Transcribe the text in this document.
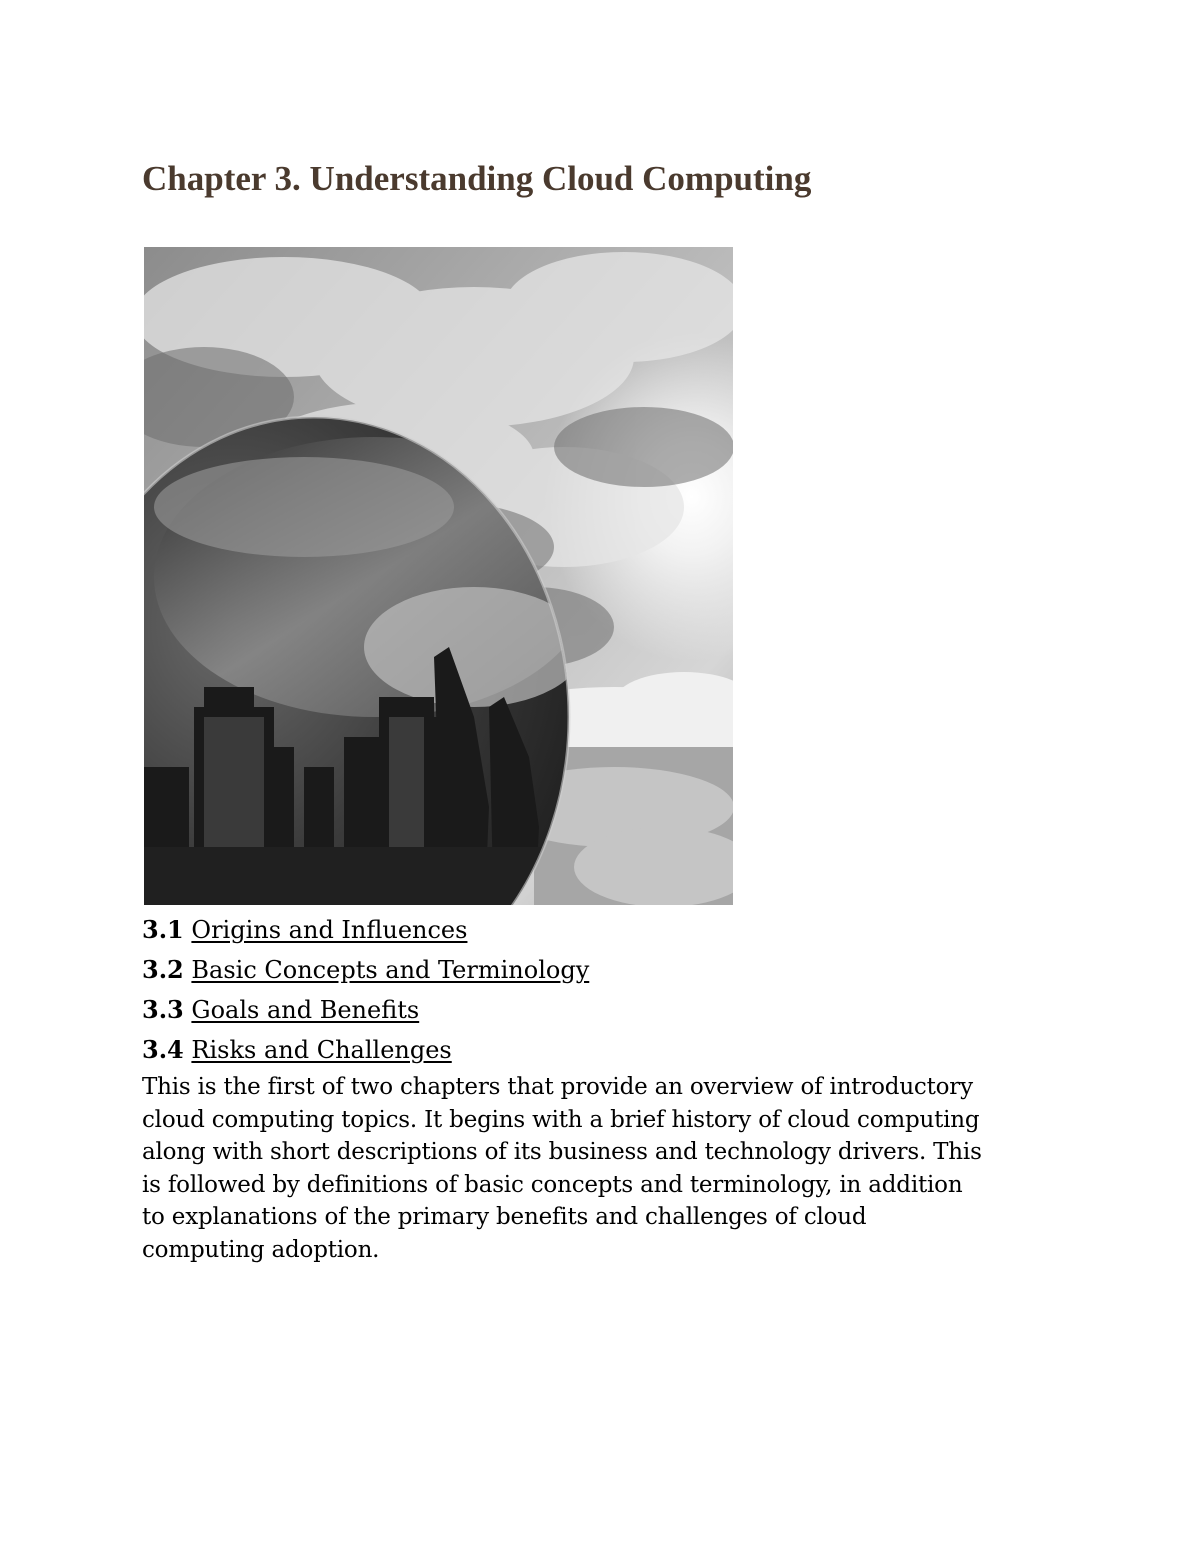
Chapter 3. Understanding Cloud Computing
3.1 Origins and Influences
3.2 Basic Concepts and Terminology
3.3 Goals and Benefits
3.4 Risks and Challenges

This is the first of two chapters that provide an overview of introductory
cloud computing topics. It begins with a brief history of cloud computing
along with short descriptions of its business and technology drivers. This
is followed by definitions of basic concepts and terminology, in addition
to explanations of the primary benefits and challenges of cloud
computing adoption.
